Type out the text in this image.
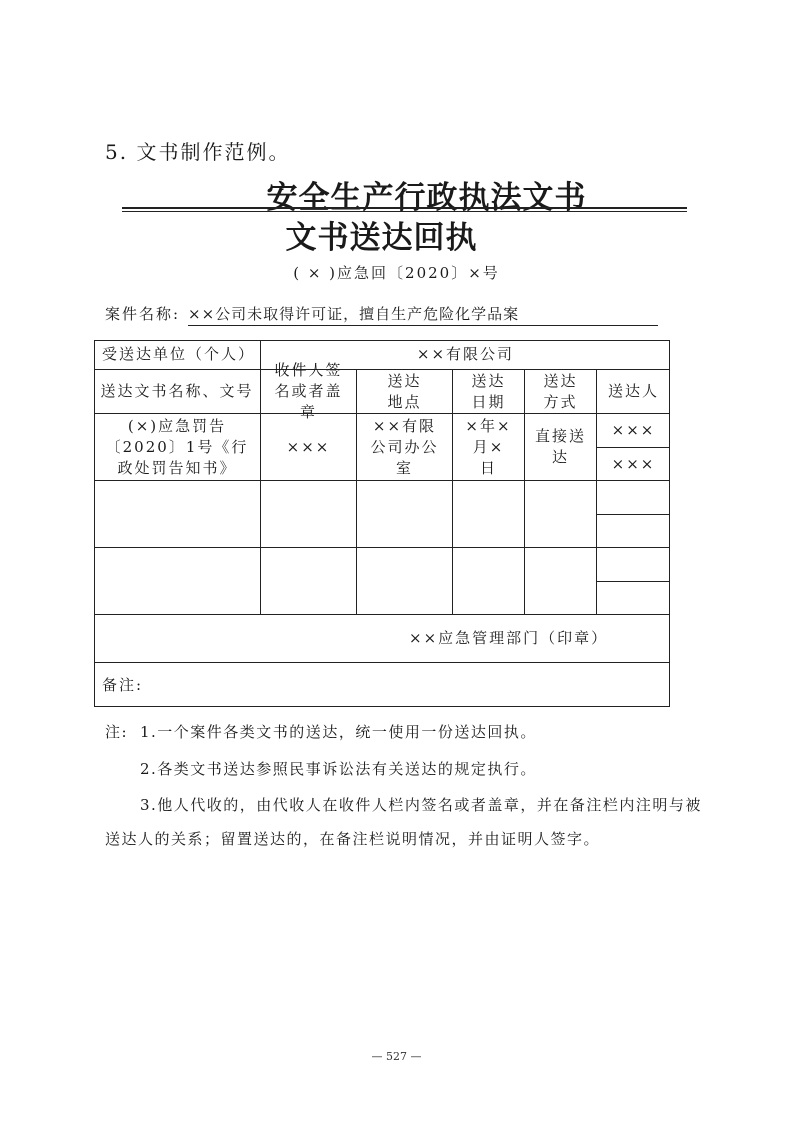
5. 文书制作范例。
安全生产行政执法文书
文书送达回执
( × )应急回〔2020〕×号
案件名称: ××公司未取得许可证，擅自生产危险化学品案
受送达单位（个人）	××有限公司
送达文书名称、文号
收件人签名或者盖章
送达地点
送达日期
送达方式
送达人
(×)应急罚告〔2020〕1号《行政处罚告知书》
×××
××有限公司办公室
×年×月×日
直接送达
×××
×××
××应急管理部门（印章）
备注:
注: 1.一个案件各类文书的送达，统一使用一份送达回执。
2.各类文书送达参照民事诉讼法有关送达的规定执行。
3.他人代收的，由代收人在收件人栏内签名或者盖章，并在备注栏内注明与被
送达人的关系；留置送达的，在备注栏说明情况，并由证明人签字。
— 527 —
